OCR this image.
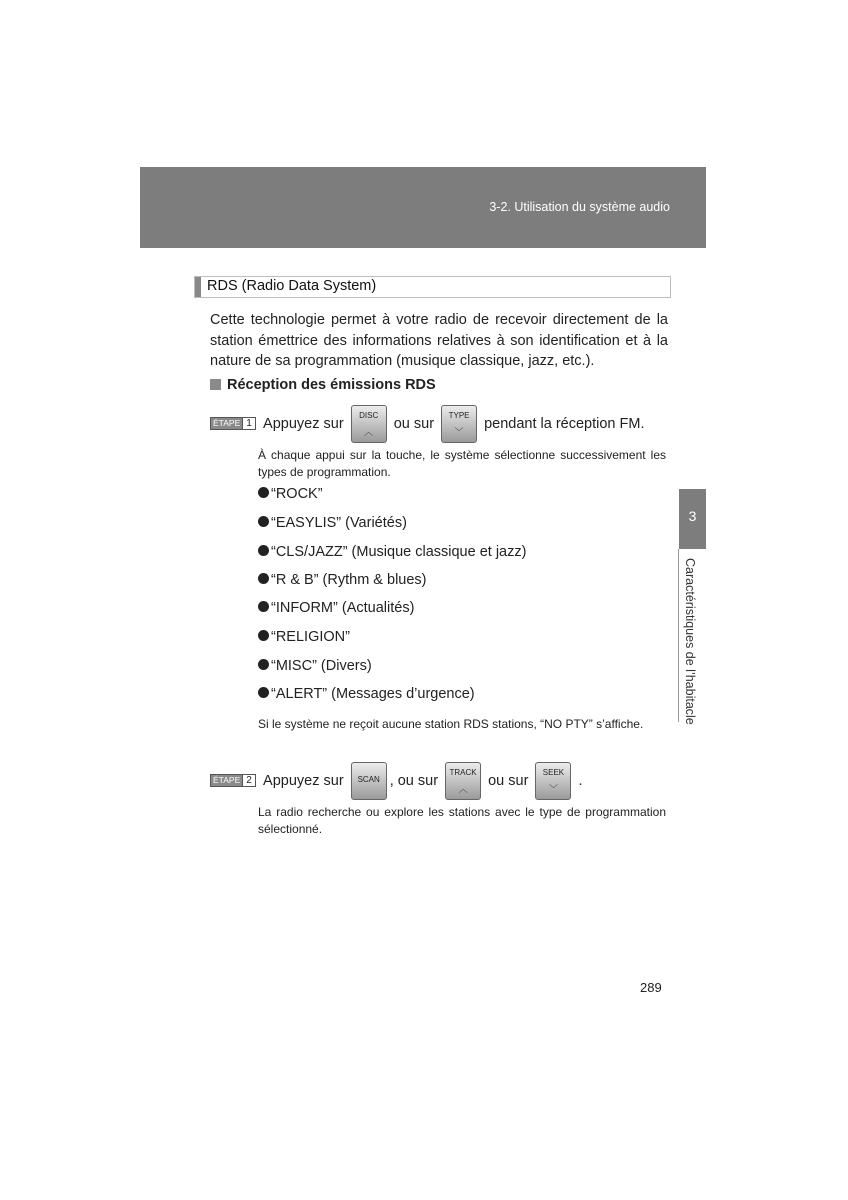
3-2. Utilisation du système audio
3
Caractéristiques de l’habitacle
RDS (Radio Data System)
Cette technologie permet à votre radio de recevoir directement de la station émettrice des informations relatives à son identification et à la nature de sa programmation (musique classique, jazz, etc.).
Réception des émissions RDS
ÉTAPE 1 Appuyez sur
DISC
︿
ou sur
TYPE
﹀
pendant la réception FM.
À chaque appui sur la touche, le système sélectionne successivement les types de programmation.
“ROCK”
“EASYLIS” (Variétés)
“CLS/JAZZ” (Musique classique et jazz)
“R & B” (Rythm & blues)
“INFORM” (Actualités)
“RELIGION”
“MISC” (Divers)
“ALERT” (Messages d’urgence)
Si le système ne reçoit aucune station RDS stations, “NO PTY” s’affiche.
ÉTAPE 2 Appuyez sur	SCAN , ou sur
TRACK
︿
ou sur
SEEK
﹀
.
La radio recherche ou explore les stations avec le type de programmation sélectionné.
289
